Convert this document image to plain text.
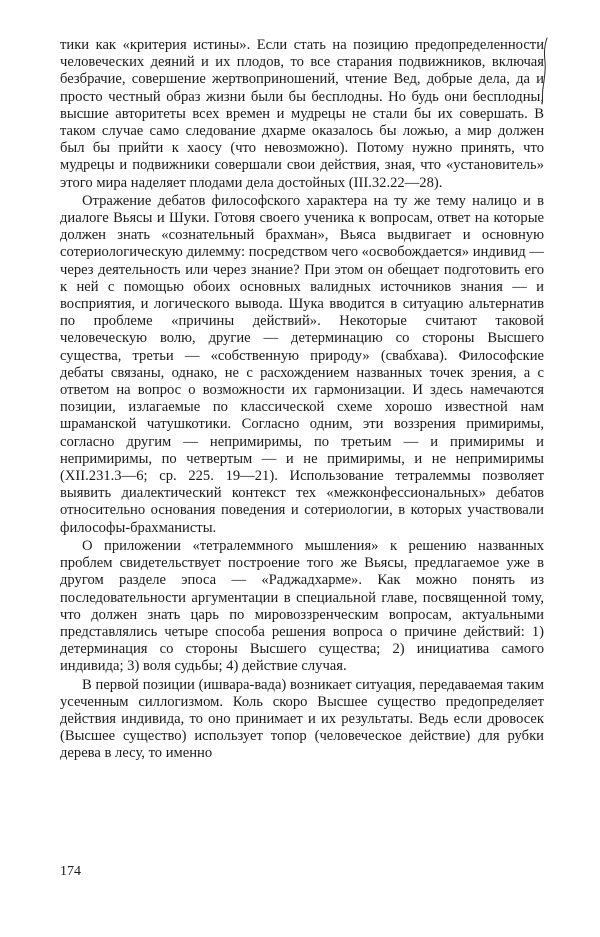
тики как «критерия истины». Если стать на позицию предопределенности человеческих деяний и их плодов, то все старания подвижников, включая безбрачие, совершение жертвоприношений, чтение Вед, добрые дела, да и просто честный образ жизни были бы бесплодны. Но будь они бесплодны, высшие авторитеты всех времен и мудрецы не стали бы их совершать. В таком случае само следование дхарме оказалось бы ложью, а мир должен был бы прийти к хаосу (что невозможно). Потому нужно принять, что мудрецы и подвижники совершали свои действия, зная, что «установитель» этого мира наделяет плодами дела достойных (III.32.22—28).

Отражение дебатов философского характера на ту же тему налицо и в диалоге Вьясы и Шуки. Готовя своего ученика к вопросам, ответ на которые должен знать «сознательный брахман», Вьяса выдвигает и основную сотериологическую дилемму: посредством чего «освобождается» индивид — через деятельность или через знание? При этом он обещает подготовить его к ней с помощью обоих основных валидных источников знания — и восприятия, и логического вывода. Шука вводится в ситуацию альтернатив по проблеме «причины действий». Некоторые считают таковой человеческую волю, другие — детерминацию со стороны Высшего существа, третьи — «собственную природу» (свабхава). Философские дебаты связаны, однако, не с расхождением названных точек зрения, а с ответом на вопрос о возможности их гармонизации. И здесь намечаются позиции, излагаемые по классической схеме хорошо известной нам шраманской чатушкотики. Согласно одним, эти воззрения примиримы, согласно другим — непримиримы, по третьим — и примиримы и непримиримы, по четвертым — и не примиримы, и не непримиримы (XII.231.3—6; ср. 225. 19—21). Использование тетралеммы позволяет выявить диалектический контекст тех «межконфессиональных» дебатов относительно основания поведения и сотериологии, в которых участвовали философы-брахманисты.

О приложении «тетралеммного мышления» к решению названных проблем свидетельствует построение того же Вьясы, предлагаемое уже в другом разделе эпоса — «Раджадхарме». Как можно понять из последовательности аргументации в специальной главе, посвященной тому, что должен знать царь по мировоззренческим вопросам, актуальными представлялись четыре способа решения вопроса о причине действий: 1) детерминация со стороны Высшего существа; 2) инициатива самого индивида; 3) воля судьбы; 4) действие случая.

В первой позиции (ишвара-вада) возникает ситуация, передаваемая таким усеченным силлогизмом. Коль скоро Высшее существо предопределяет действия индивида, то оно принимает и их результаты. Ведь если дровосек (Высшее существо) использует топор (человеческое действие) для рубки дерева в лесу, то именно

174
